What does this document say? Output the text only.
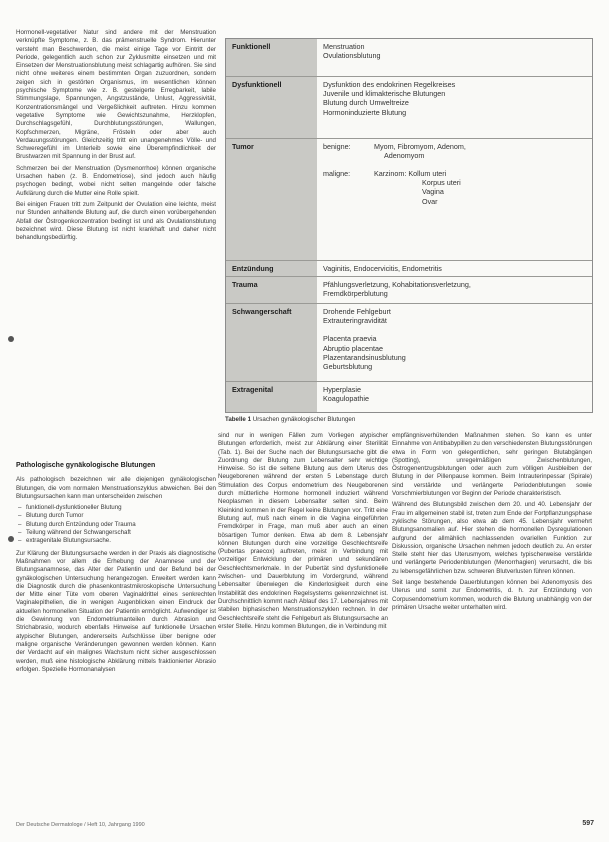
Hormonell-vegetativer Natur sind andere mit der Menstruation verknüpfte Symptome, z. B. das prämenstruelle Syndrom. Hierunter versteht man Beschwerden, die meist einige Tage vor Eintritt der Periode, gelegentlich auch schon zur Zyklusmitte einsetzen und mit Einsetzen der Menstruationsblutung meist schlagartig aufhören. Sie sind nicht ohne weiteres einem bestimmten Organ zuzuordnen, sondern zeigen sich in gestörten Organismus, im wesentlichen können psychische Symptome wie z. B. gesteigerte Erregbarkeit, labile Stimmungslage, Spannungen, Angstzustände, Unlust, Aggressivität, Konzentrationsmängel und Vergeßlichkeit auftreten. Hinzu kommen vegetative Symptome wie Gewichtszunahme, Herzklopfen, Durchschlagsgefühl, Durchblutungsstörungen, Wallungen, Kopfschmerzen, Migräne, Frösteln oder aber auch Verdauungsstörungen. Gleichzeitig tritt ein unangenehmes Völle- und Schweregefühl im Unterleib sowie eine Überempfindlichkeit der Brustwarzen mit Spannung in der Brust auf.

Schmerzen bei der Menstruation (Dysmenorrhoe) können organische Ursachen haben (z. B. Endometriose), sind jedoch auch häufig psychogen bedingt, wobei nicht selten mangelnde oder falsche Aufklärung durch die Mutter eine Rolle spielt.

Bei einigen Frauen tritt zum Zeitpunkt der Ovulation eine leichte, meist nur Stunden anhaltende Blutung auf, die durch einen vorübergehenden Abfall der Östrogenkonzentration bedingt ist und als Ovulationsblutung bezeichnet wird. Diese Blutung ist nicht krankhaft und daher nicht behandlungsbedürftig.

Funktionell	Menstruation
Ovulationsblutung
Dysfunktionell	Dysfunktion des endokrinen Regelkreises
Juvenile und klimakterische Blutungen
Blutung durch Umweltreize
Hormoninduzierte Blutung
Tumor	benigne:	Myom, Fibromyom, Adenom,
Adenomyom
maligne:	Karzinom: Kollum uteri
Korpus uteri
Vagina
Ovar
Entzündung	Vaginitis, Endocervicitis, Endometritis
Trauma	Pfählungsverletzung, Kohabitationsverletzung,
Fremdkörperblutung
Schwangerschaft	Drohende Fehlgeburt
Extrauteringravidität
Placenta praevia
Abruptio placentae
Plazentarandsinusblutung
Geburtsblutung
Extragenital	Hyperplasie
Koagulopathie
Tabelle 1 Ursachen gynäkologischer Blutungen
Pathologische gynäkologische Blutungen

Als pathologisch bezeichnen wir alle diejenigen gynäkologischen Blutungen, die vom normalen Menstruationszyklus abweichen. Bei den Blutungsursachen kann man unterscheiden zwischen

– funktionell-dysfunktioneller Blutung
– Blutung durch Tumor
– Blutung durch Entzündung oder Trauma
– Teilung während der Schwangerschaft
– extragenitale Blutungsursache.

Zur Klärung der Blutungsursache werden in der Praxis als diagnostische Maßnahmen vor allem die Erhebung der Anamnese und der Blutungsanamnese, das Alter der Patientin und der Befund bei der gynäkologischen Untersuchung herangezogen. Erweitert werden kann die Diagnostik durch die phasenkontrastmikroskopische Untersuchung der Mitte einer Tüte vom oberen Vaginaldrittel eines senkrechten Vaginalepithelien, die in wenigen Augenblicken einen Eindruck der aktuellen hormonellen Situation der Patientin ermöglicht. Aufwendiger ist die Gewinnung von Endometriumanteilen durch Abrasion und Strichabrasio, wodurch ebenfalls Hinweise auf funktionelle Ursachen atypischer Blutungen, andererseits Aufschlüsse über benigne oder maligne organische Veränderungen gewonnen werden können. Kann der Verdacht auf ein malignes Wachstum nicht sicher ausgeschlossen werden, muß eine histologische Abklärung mittels fraktionierter Abrasio erfolgen. Spezielle Hormonanalysen

sind nur in wenigen Fällen zum Vorliegen atypischer Blutungen erforderlich, meist zur Abklärung einer Sterilität (Tab. 1). Bei der Suche nach der Blutungsursache gibt die Zuordnung der Blutung zum Lebensalter sehr wichtige Hinweise. So ist die seltene Blutung aus dem Uterus des Neugeborenen während der ersten 5 Lebenstage durch Stimulation des Corpus endometrium des Neugeborenen durch mütterliche Hormone hormonell induziert während Neoplasmen in diesem Lebensalter selten sind. Beim Kleinkind kommen in der Regel keine Blutungen vor. Tritt eine Blutung auf, muß nach einem in die Vagina eingeführten Fremdkörper in Frage, man muß aber auch an einen bösartigen Tumor denken. Etwa ab dem 8. Lebensjahr können Blutungen durch eine vorzeitige Geschlechtsreife (Pubertas praecox) auftreten, meist in Verbindung mit vorzeitiger Entwicklung der primären und sekundären Geschlechtsmerkmale. In der Pubertät sind dysfunktionelle zwischen- und Dauerblutung im Vordergrund, während Lebensalter überwiegen die Kinderlosigkeit durch eine Instabilität des endokrinen Regelsystems gekennzeichnet ist. Durchschnittlich kommt nach Ablauf des 17. Lebensjahres mit stabilen biphasischen Menstruationszyklen rechnen. In der Geschlechtsreife steht die Fehlgeburt als Blutungsursache an erster Stelle. Hinzu kommen Blutungen, die in Verbindung mit

empfängnisverhütenden Maßnahmen stehen. So kann es unter Einnahme von Antibabypillen zu den verschiedensten Blutungsstörungen etwa in Form von gelegentlichen, sehr geringen Blutabgängen (Spotting), unregelmäßigen Zwischenblutungen, Östrogenentzugsblutungen oder auch zum völligen Ausbleiben der Blutung in der Pillenpause kommen. Beim Intrauterinpessar (Spirale) sind verstärkte und verlängerte Periodenblutungen sowie Vorschmierblutungen vor Beginn der Periode charakteristisch.

Während des Blutungsbild zwischen dem 20. und 40. Lebensjahr der Frau im allgemeinen stabil ist, treten zum Ende der Fortpflanzungsphase zyklische Störungen, also etwa ab dem 45. Lebensjahr vermehrt Blutungsanomalien auf. Hier stehen die hormonellen Dysregulationen aufgrund der allmählich nachlassenden ovariellen Funktion zur Diskussion, organische Ursachen nehmen jedoch deutlich zu. An erster Stelle steht hier das Uterusmyom, welches typischerweise verstärkte und verlängerte Periodenblutungen (Menorrhagien) verursacht, die bis zu lebensgefährlichen bzw. schweren Blutverlusten führen können.

Seit lange bestehende Dauerblutungen können bei Adenomyosis des Uterus und somit zur Endometritis, d. h. zur Entzündung von Corpusendometrium kommen, wodurch die Blutung unabhängig von der primären Ursache weiter unterhalten wird.

Der Deutsche Dermatologe / Heft 10, Jahrgang 1990	597
